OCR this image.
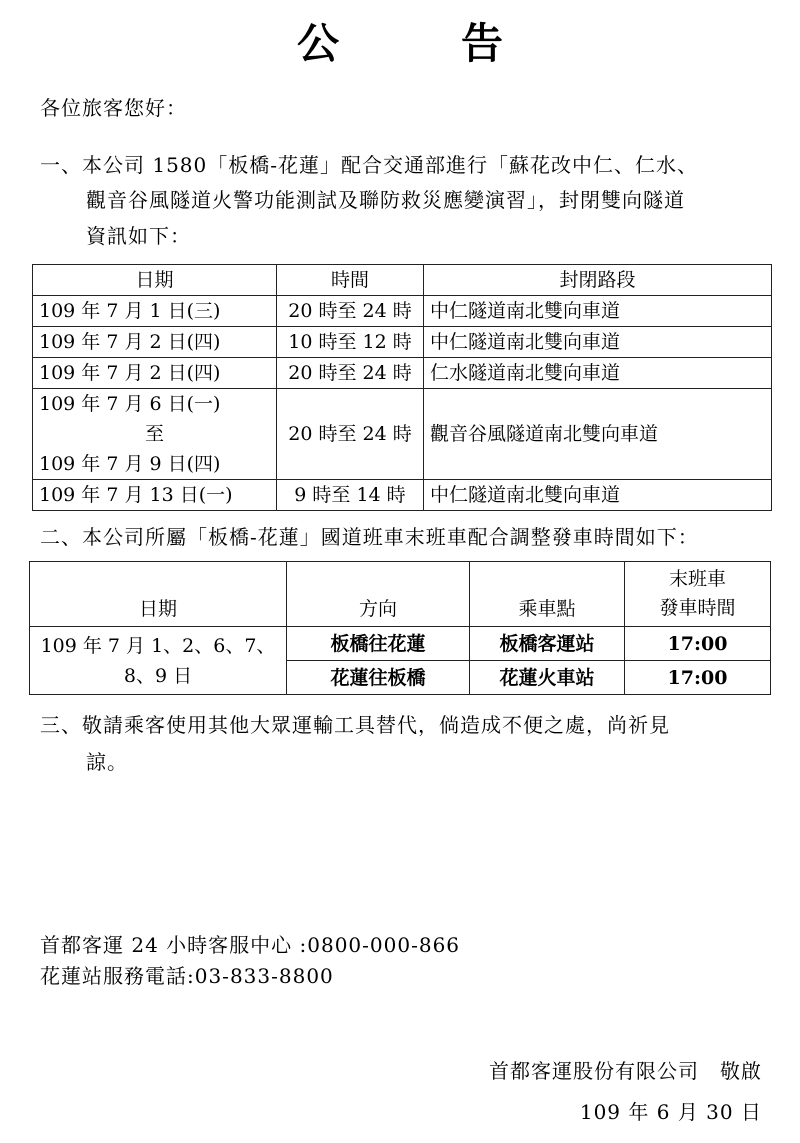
公　告
各位旅客您好：
一、本公司 1580「板橋-花蓮」配合交通部進行「蘇花改中仁、仁水、
觀音谷風隧道火警功能測試及聯防救災應變演習」，封閉雙向隧道
資訊如下：
日期	時間	封閉路段
109 年 7 月 1 日(三)	20 時至 24 時	中仁隧道南北雙向車道
109 年 7 月 2 日(四)	10 時至 12 時	中仁隧道南北雙向車道
109 年 7 月 2 日(四)	20 時至 24 時	仁水隧道南北雙向車道

109 年 7 月 6 日(一)
至
109 年 7 月 9 日(四)	20 時至 24 時	觀音谷風隧道南北雙向車道
109 年 7 月 13 日(一)	9 時至 14 時	中仁隧道南北雙向車道
二、本公司所屬「板橋-花蓮」國道班車末班車配合調整發車時間如下：
日期	方向	乘車點	末班車
發車時間

109 年 7 月 1、2、6、7、
8、9 日	板橋往花蓮	板橋客運站	17:00
	花蓮往板橋	花蓮火車站	17:00
三、敬請乘客使用其他大眾運輸工具替代，倘造成不便之處，尚祈見
諒。
首都客運 24 小時客服中心 :0800-000-866
花蓮站服務電話:03-833-8800
首都客運股份有限公司　敬啟
109 年 6 月 30 日
